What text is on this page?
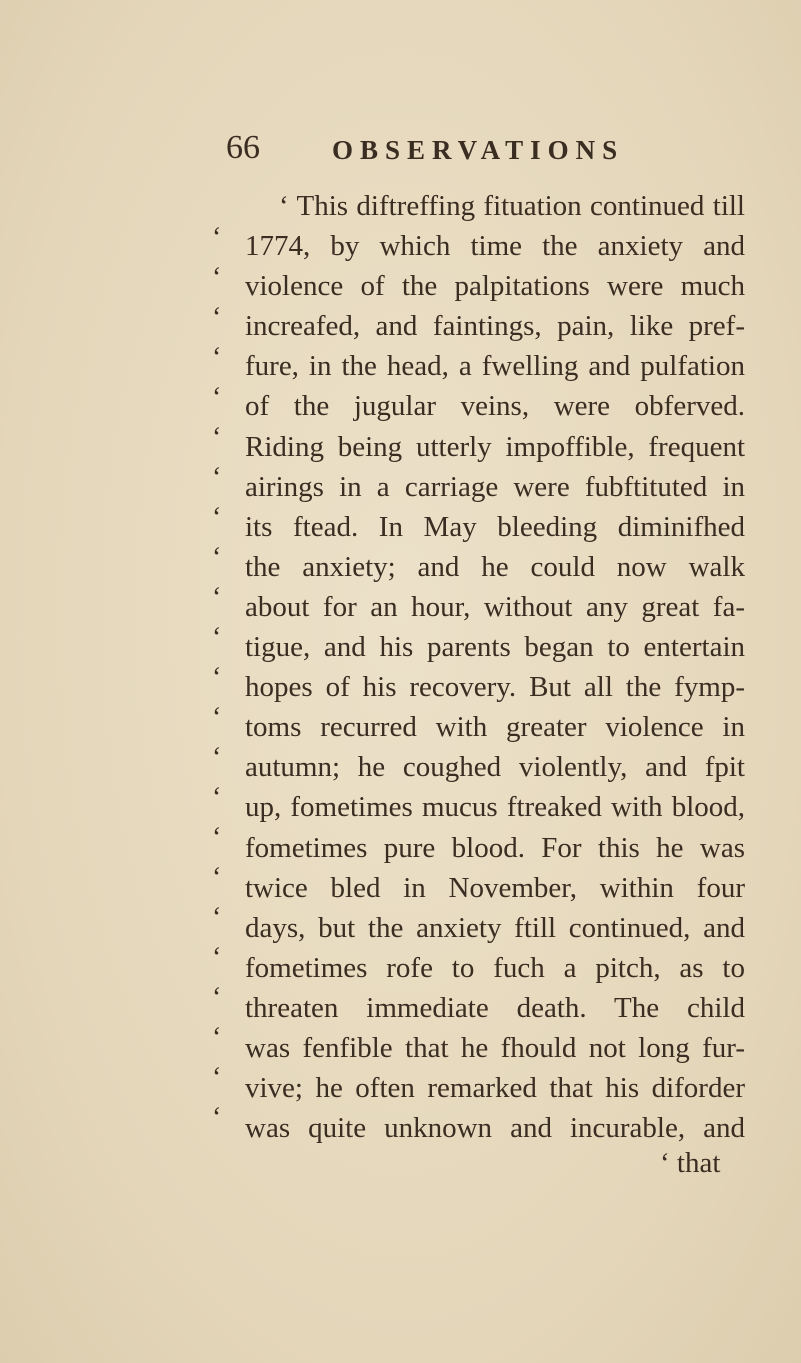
66	OBSERVATIONS
‘
‘
‘
‘
‘
‘
‘
‘
‘
‘
‘
‘
‘
‘
‘
‘
‘
‘
‘
‘
‘
‘
‘
‘ This diftreffing fituation continued till
1774, by which time the anxiety and
violence of the palpitations were much
increafed, and faintings, pain, like pref-
fure, in the head, a fwelling and pulfation
of the jugular veins, were obferved.
Riding being utterly impoffible, frequent
airings in a carriage were fubftituted in
its ftead. In May bleeding diminifhed
the anxiety; and he could now walk
about for an hour, without any great fa-
tigue, and his parents began to entertain
hopes of his recovery. But all the fymp-
toms recurred with greater violence in
autumn; he coughed violently, and fpit
up, fometimes mucus ftreaked with blood,
fometimes pure blood. For this he was
twice bled in November, within four
days, but the anxiety ftill continued, and
fometimes rofe to fuch a pitch, as to
threaten immediate death. The child
was fenfible that he fhould not long fur-
vive; he often remarked that his diforder
was quite unknown and incurable, and
‘ that
